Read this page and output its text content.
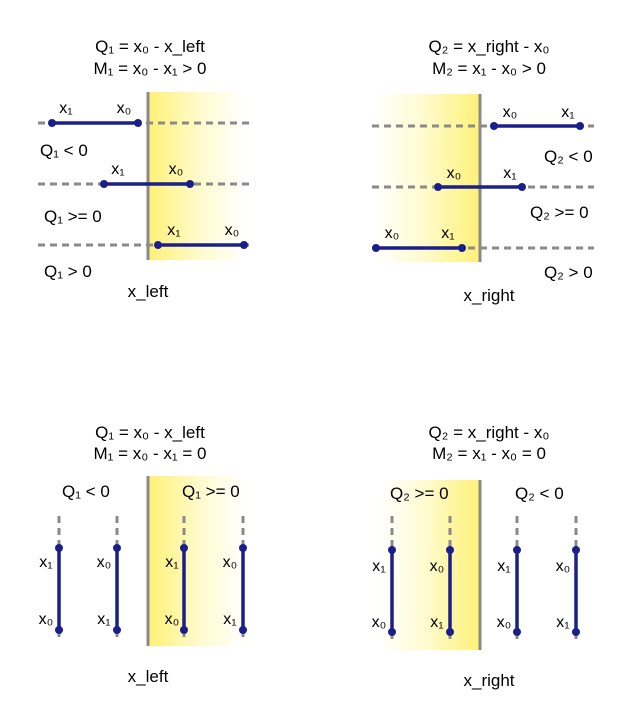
Q₁ = x₀ - x_left
M₁ = x₀ - x₁ > 0
x₁	x₀
Q₁ < 0
x₁	x₀
Q₁ >= 0
x₁	x₀
Q₁ > 0
x_left
Q₂ = x_right - x₀
M₂ = x₁ - x₀ > 0
x₀	x₁
Q₂ < 0
x₀	x₁
Q₂ >= 0
x₀	x₁
Q₂ > 0
x_right
Q₁ = x₀ - x_left
M₁ = x₀ - x₁ = 0
Q₁ < 0	Q₁ >= 0
x₁	x₀	x₁	x₀
x₀	x₁	x₀	x₁
x_left
Q₂ = x_right - x₀
M₂ = x₁ - x₀ = 0
Q₂ >= 0	Q₂ < 0
x₁	x₀	x₁	x₀
x₀	x₁	x₀	x₁
x_right
